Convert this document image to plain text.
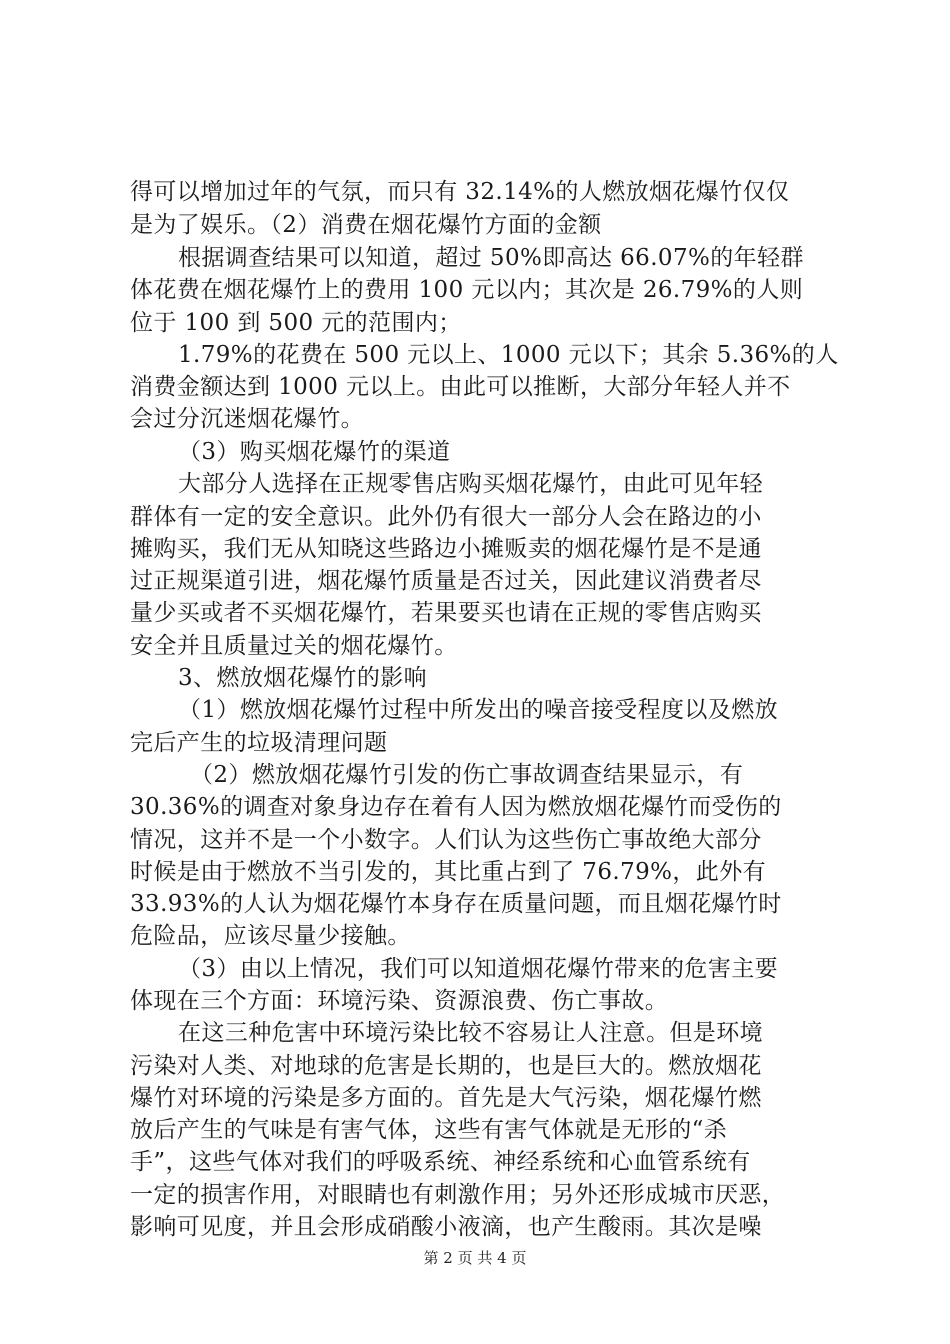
得可以增加过年的气氛，而只有 32.14%的人燃放烟花爆竹仅仅
是为了娱乐。（2）消费在烟花爆竹方面的金额
根据调查结果可以知道，超过 50%即高达 66.07%的年轻群
体花费在烟花爆竹上的费用 100 元以内；其次是 26.79%的人则
位于 100 到 500 元的范围内；
1.79%的花费在 500 元以上、1000 元以下；其余 5.36%的人
消费金额达到 1000 元以上。由此可以推断，大部分年轻人并不
会过分沉迷烟花爆竹。
（3）购买烟花爆竹的渠道
大部分人选择在正规零售店购买烟花爆竹，由此可见年轻
群体有一定的安全意识。此外仍有很大一部分人会在路边的小
摊购买，我们无从知晓这些路边小摊贩卖的烟花爆竹是不是通
过正规渠道引进，烟花爆竹质量是否过关，因此建议消费者尽
量少买或者不买烟花爆竹，若果要买也请在正规的零售店购买
安全并且质量过关的烟花爆竹。
3、燃放烟花爆竹的影响
（1）燃放烟花爆竹过程中所发出的噪音接受程度以及燃放
完后产生的垃圾清理问题
（2）燃放烟花爆竹引发的伤亡事故调查结果显示，有
30.36%的调查对象身边存在着有人因为燃放烟花爆竹而受伤的
情况，这并不是一个小数字。人们认为这些伤亡事故绝大部分
时候是由于燃放不当引发的，其比重占到了 76.79%，此外有
33.93%的人认为烟花爆竹本身存在质量问题，而且烟花爆竹时
危险品，应该尽量少接触。
（3）由以上情况，我们可以知道烟花爆竹带来的危害主要
体现在三个方面：环境污染、资源浪费、伤亡事故。
在这三种危害中环境污染比较不容易让人注意。但是环境
污染对人类、对地球的危害是长期的，也是巨大的。燃放烟花
爆竹对环境的污染是多方面的。首先是大气污染，烟花爆竹燃
放后产生的气味是有害气体，这些有害气体就是无形的“杀
手”，这些气体对我们的呼吸系统、神经系统和心血管系统有
一定的损害作用，对眼睛也有刺激作用；另外还形成城市厌恶，
影响可见度，并且会形成硝酸小液滴，也产生酸雨。其次是噪
第 2 页 共 4 页
